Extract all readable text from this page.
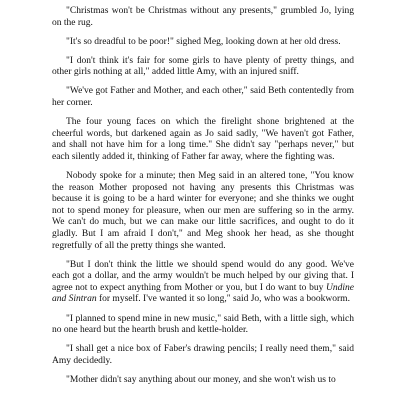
"Christmas won't be Christmas without any presents," grumbled Jo, lying on the rug.

"It's so dreadful to be poor!" sighed Meg, looking down at her old dress.

"I don't think it's fair for some girls to have plenty of pretty things, and other girls nothing at all," added little Amy, with an injured sniff.

"We've got Father and Mother, and each other," said Beth contentedly from her corner.

The four young faces on which the firelight shone brightened at the cheerful words, but darkened again as Jo said sadly, "We haven't got Father, and shall not have him for a long time." She didn't say "perhaps never," but each silently added it, thinking of Father far away, where the fighting was.

Nobody spoke for a minute; then Meg said in an altered tone, "You know the reason Mother proposed not having any presents this Christmas was because it is going to be a hard winter for everyone; and she thinks we ought not to spend money for pleasure, when our men are suffering so in the army. We can't do much, but we can make our little sacrifices, and ought to do it gladly. But I am afraid I don't," and Meg shook her head, as she thought regretfully of all the pretty things she wanted.

"But I don't think the little we should spend would do any good. We've each got a dollar, and the army wouldn't be much helped by our giving that. I agree not to expect anything from Mother or you, but I do want to buy Undine and Sintran for myself. I've wanted it so long," said Jo, who was a bookworm.

"I planned to spend mine in new music," said Beth, with a little sigh, which no one heard but the hearth brush and kettle-holder.

"I shall get a nice box of Faber's drawing pencils; I really need them," said Amy decidedly.

"Mother didn't say anything about our money, and she won't wish us to
